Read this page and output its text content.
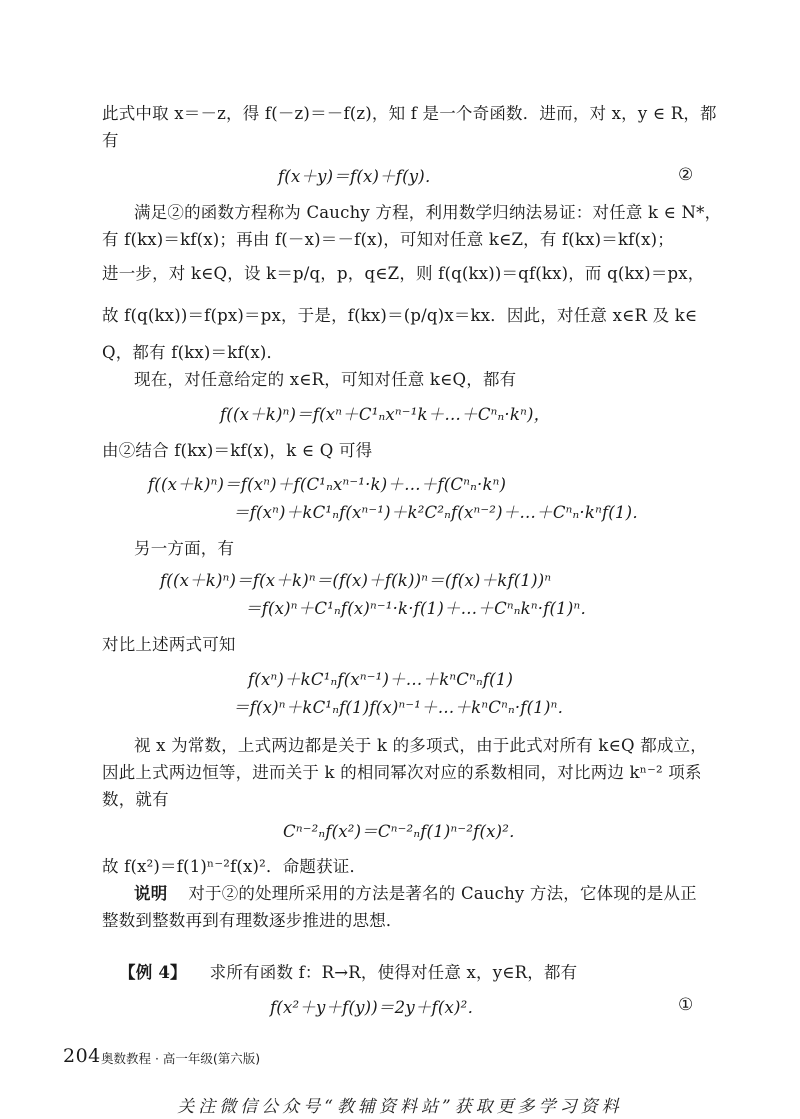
此式中取 x＝－z，得 f(－z)＝－f(z)，知 f 是一个奇函数．进而，对 x，y ∈ R，都
有
f(x＋y)＝f(x)＋f(y)．	②
满足②的函数方程称为 Cauchy 方程，利用数学归纳法易证：对任意 k ∈ N*，
有 f(kx)＝kf(x)；再由 f(－x)＝－f(x)，可知对任意 k∈Z，有 f(kx)＝kf(x)；
进一步，对 k∈Q，设 k＝p/q，p，q∈Z，则 f(q(kx))＝qf(kx)，而 q(kx)＝px，
故 f(q(kx))＝f(px)＝px，于是，f(kx)＝(p/q)x＝kx．因此，对任意 x∈R 及 k∈
Q，都有 f(kx)＝kf(x)．
现在，对任意给定的 x∈R，可知对任意 k∈Q，都有
f((x＋k)ⁿ)＝f(xⁿ＋C¹ₙxⁿ⁻¹k＋…＋Cⁿₙ·kⁿ)，
由②结合 f(kx)＝kf(x)，k ∈ Q 可得
f((x＋k)ⁿ)＝f(xⁿ)＋f(C¹ₙxⁿ⁻¹·k)＋…＋f(Cⁿₙ·kⁿ)
＝f(xⁿ)＋kC¹ₙf(xⁿ⁻¹)＋k²C²ₙf(xⁿ⁻²)＋…＋Cⁿₙ·kⁿf(1)．
另一方面，有
f((x＋k)ⁿ)＝f(x＋k)ⁿ＝(f(x)＋f(k))ⁿ＝(f(x)＋kf(1))ⁿ
＝f(x)ⁿ＋C¹ₙf(x)ⁿ⁻¹·k·f(1)＋…＋Cⁿₙkⁿ·f(1)ⁿ．
对比上述两式可知
f(xⁿ)＋kC¹ₙf(xⁿ⁻¹)＋…＋kⁿCⁿₙf(1)
＝f(x)ⁿ＋kC¹ₙf(1)f(x)ⁿ⁻¹＋…＋kⁿCⁿₙ·f(1)ⁿ．
视 x 为常数，上式两边都是关于 k 的多项式，由于此式对所有 k∈Q 都成立，
因此上式两边恒等，进而关于 k 的相同幂次对应的系数相同，对比两边 kⁿ⁻² 项系
数，就有
Cⁿ⁻²ₙf(x²)＝Cⁿ⁻²ₙf(1)ⁿ⁻²f(x)²．
故 f(x²)＝f(1)ⁿ⁻²f(x)²．命题获证．
说明 对于②的处理所采用的方法是著名的 Cauchy 方法，它体现的是从正
整数到整数再到有理数逐步推进的思想．
【例 4】 求所有函数 f：R→R，使得对任意 x，y∈R，都有
f(x²＋y＋f(y))＝2y＋f(x)²．	①
204 奥数教程 · 高一年级(第六版)
关注微信公众号“教辅资料站”获取更多学习资料
